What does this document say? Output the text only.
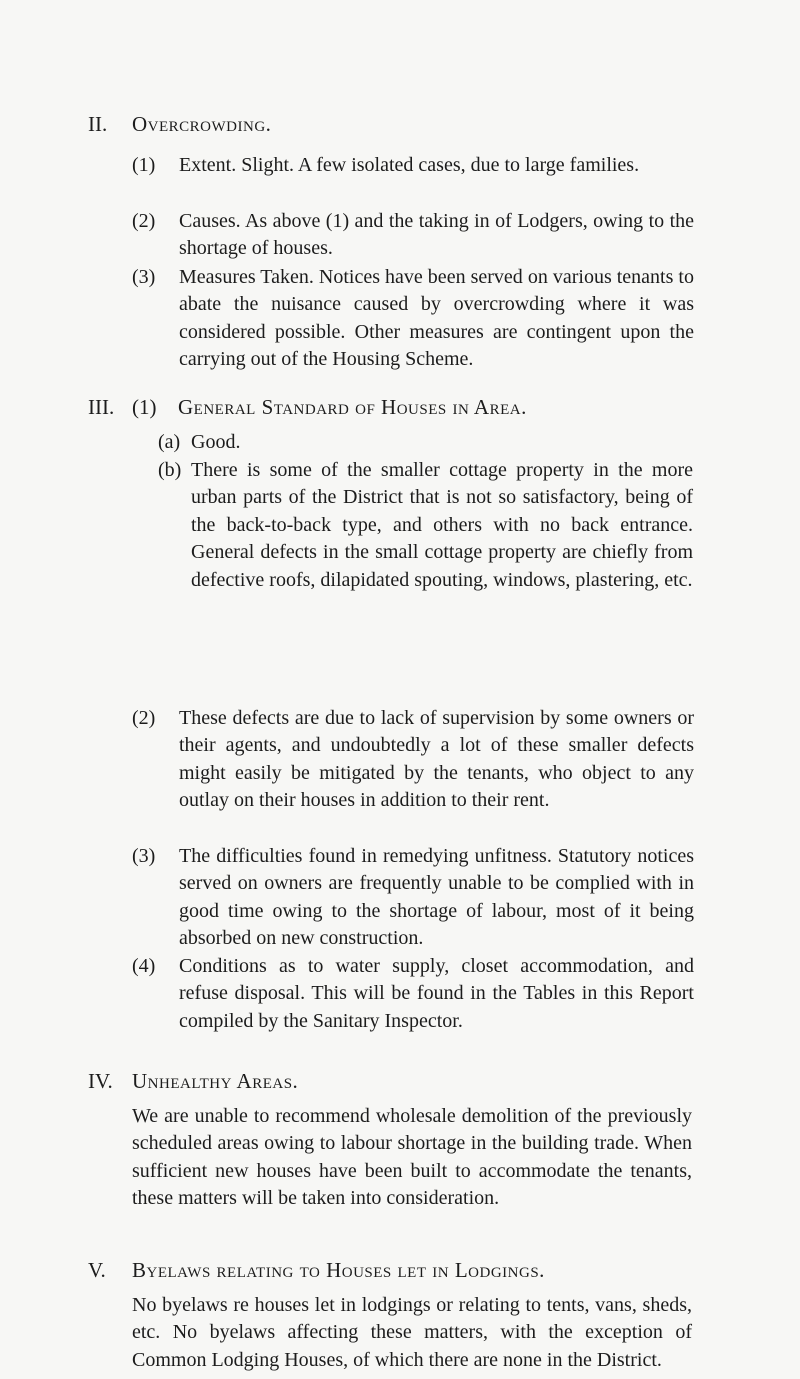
II. Overcrowding.
(1) Extent. Slight. A few isolated cases, due to large families.
(2) Causes. As above (1) and the taking in of Lodgers, owing to the shortage of houses.
(3) Measures Taken. Notices have been served on various tenants to abate the nuisance caused by overcrowding where it was considered possible. Other measures are contingent upon the carrying out of the Housing Scheme.
III. (1) General Standard of Houses in Area.
(a) Good.
(b) There is some of the smaller cottage property in the more urban parts of the District that is not so satisfactory, being of the back-to-back type, and others with no back entrance. General defects in the small cottage property are chiefly from defective roofs, dilapidated spouting, windows, plastering, etc.
(2) These defects are due to lack of supervision by some owners or their agents, and undoubtedly a lot of these smaller defects might easily be mitigated by the tenants, who object to any outlay on their houses in addition to their rent.
(3) The difficulties found in remedying unfitness. Statutory notices served on owners are frequently unable to be complied with in good time owing to the shortage of labour, most of it being absorbed on new construction.
(4) Conditions as to water supply, closet accommodation, and refuse disposal. This will be found in the Tables in this Report compiled by the Sanitary Inspector.
IV. Unhealthy Areas.
We are unable to recommend wholesale demolition of the previously scheduled areas owing to labour shortage in the building trade. When sufficient new houses have been built to accommodate the tenants, these matters will be taken into consideration.
V. Byelaws relating to Houses let in Lodgings.
No byelaws re houses let in lodgings or relating to tents, vans, sheds, etc. No byelaws affecting these matters, with the exception of Common Lodging Houses, of which there are none in the District.
